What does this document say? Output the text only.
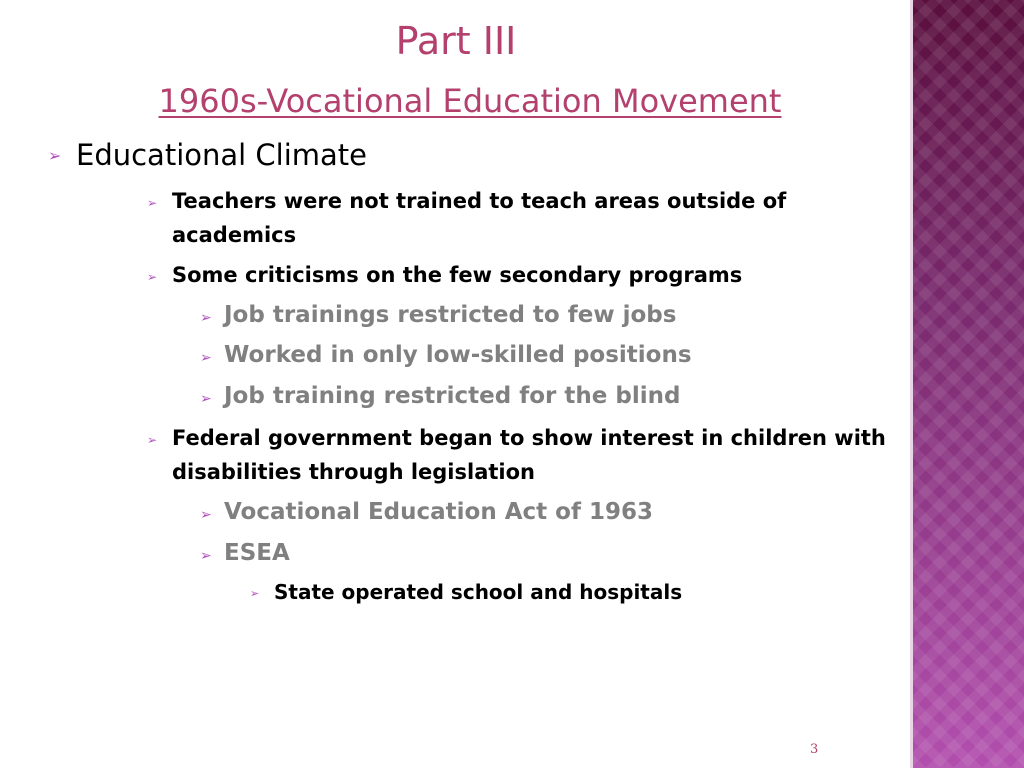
Part III
1960s-Vocational Education Movement
➢ Educational Climate

➢ Teachers were not trained to teach areas outside of academics

➢ Some criticisms on the few secondary programs

➢ Job trainings restricted to few jobs

➢ Worked in only low-skilled positions

➢ Job training restricted for the blind

➢ Federal government began to show interest in children with disabilities through legislation

➢ Vocational Education Act of 1963

➢ ESEA

➢ State operated school and hospitals

3
